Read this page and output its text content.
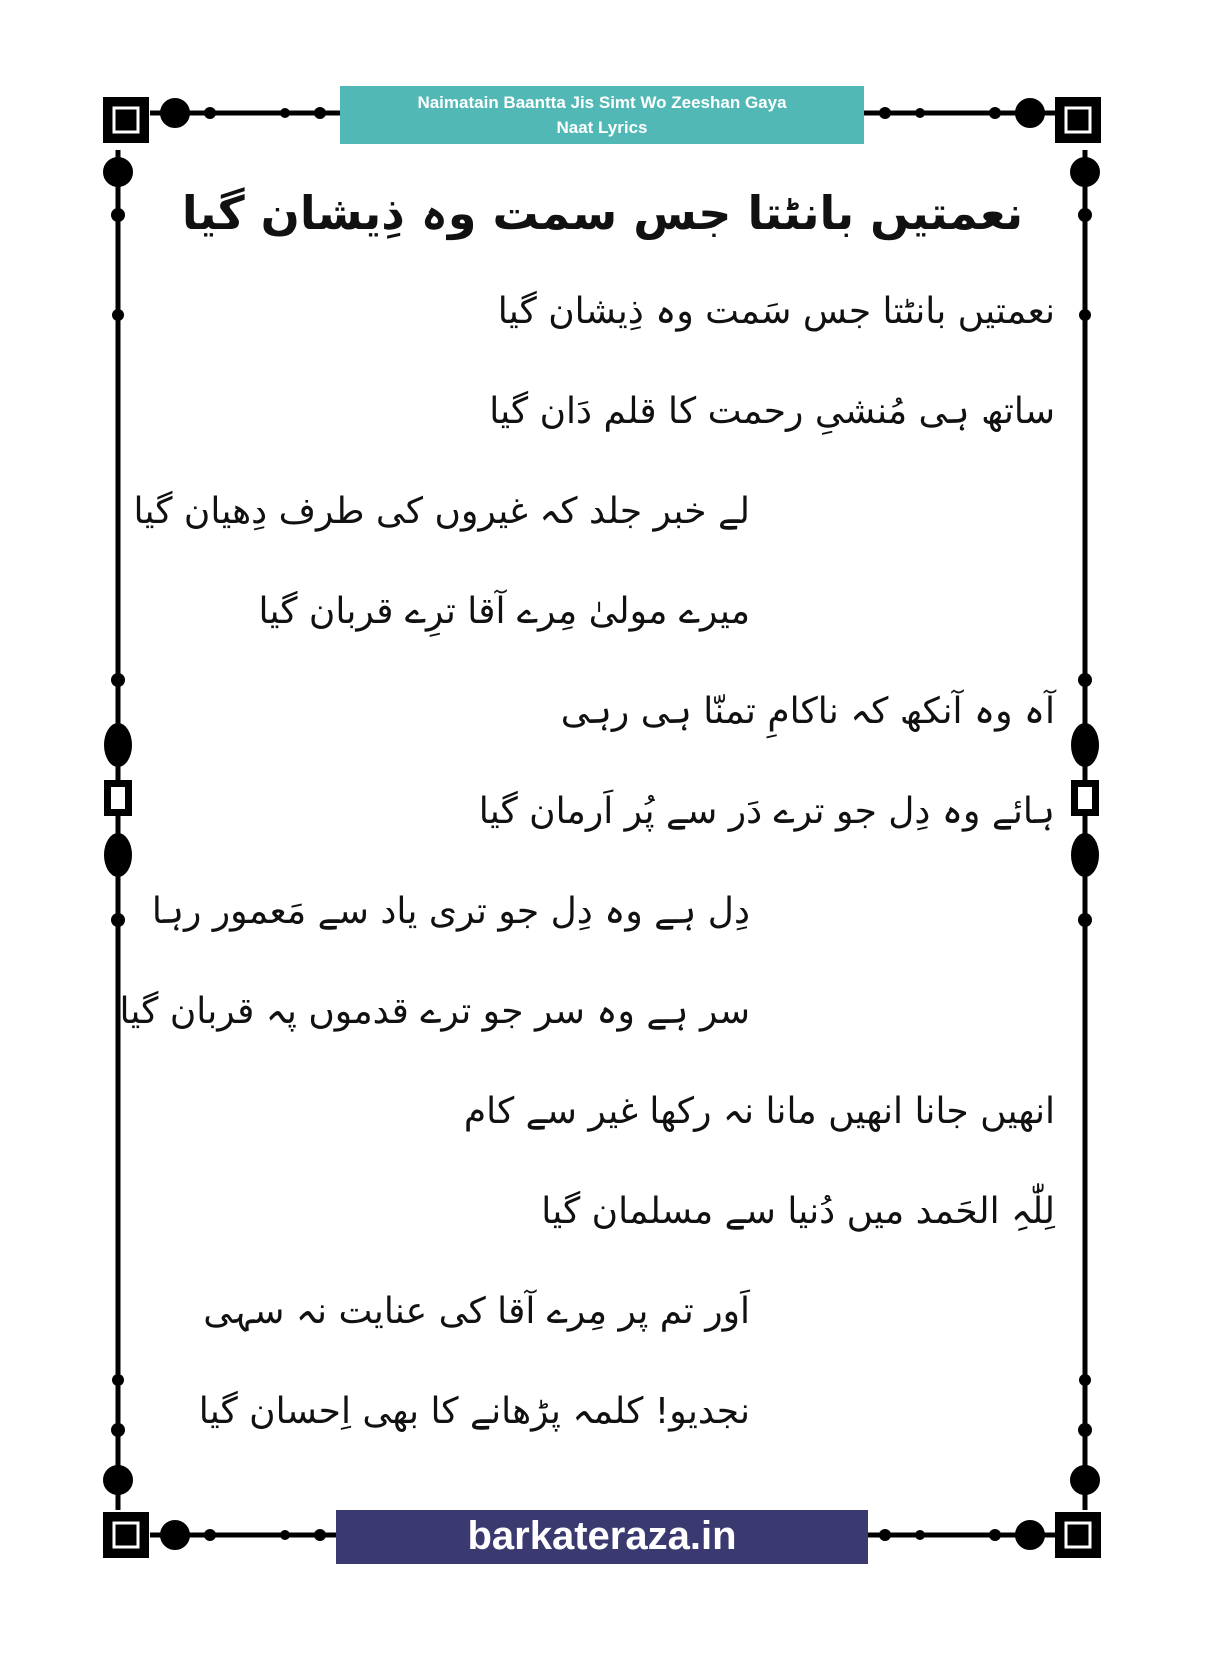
Naimatain Baantta Jis Simt Wo Zeeshan Gaya
Naat Lyrics
نعمتیں بانٹتا جس سمت وہ ذِیشان گیا
نعمتیں بانٹتا جس سَمت وہ ذِیشان گیا
ساتھ ہی مُنشیِ رحمت کا قلم دَان گیا
لے خبر جلد کہ غیروں کی طرف دِھیان گیا
میرے مولیٰ مِرے آقا ترِے قربان گیا
آہ وہ آنکھ کہ ناکامِ تمنّا ہی رہی
ہائے وہ دِل جو ترے دَر سے پُر اَرمان گیا
دِل ہے وہ دِل جو تری یاد سے مَعمور رہا
سر ہے وہ سر جو ترے قدموں پہ قربان گیا
انھیں جانا انھیں مانا نہ رکھا غیر سے کام
لِلّٰہِ الحَمد میں دُنیا سے مسلمان گیا
اَور تم پر مِرے آقا کی عنایت نہ سہی
نجدیو! کلمہ پڑھانے کا بھی اِحسان گیا
barkateraza.in
